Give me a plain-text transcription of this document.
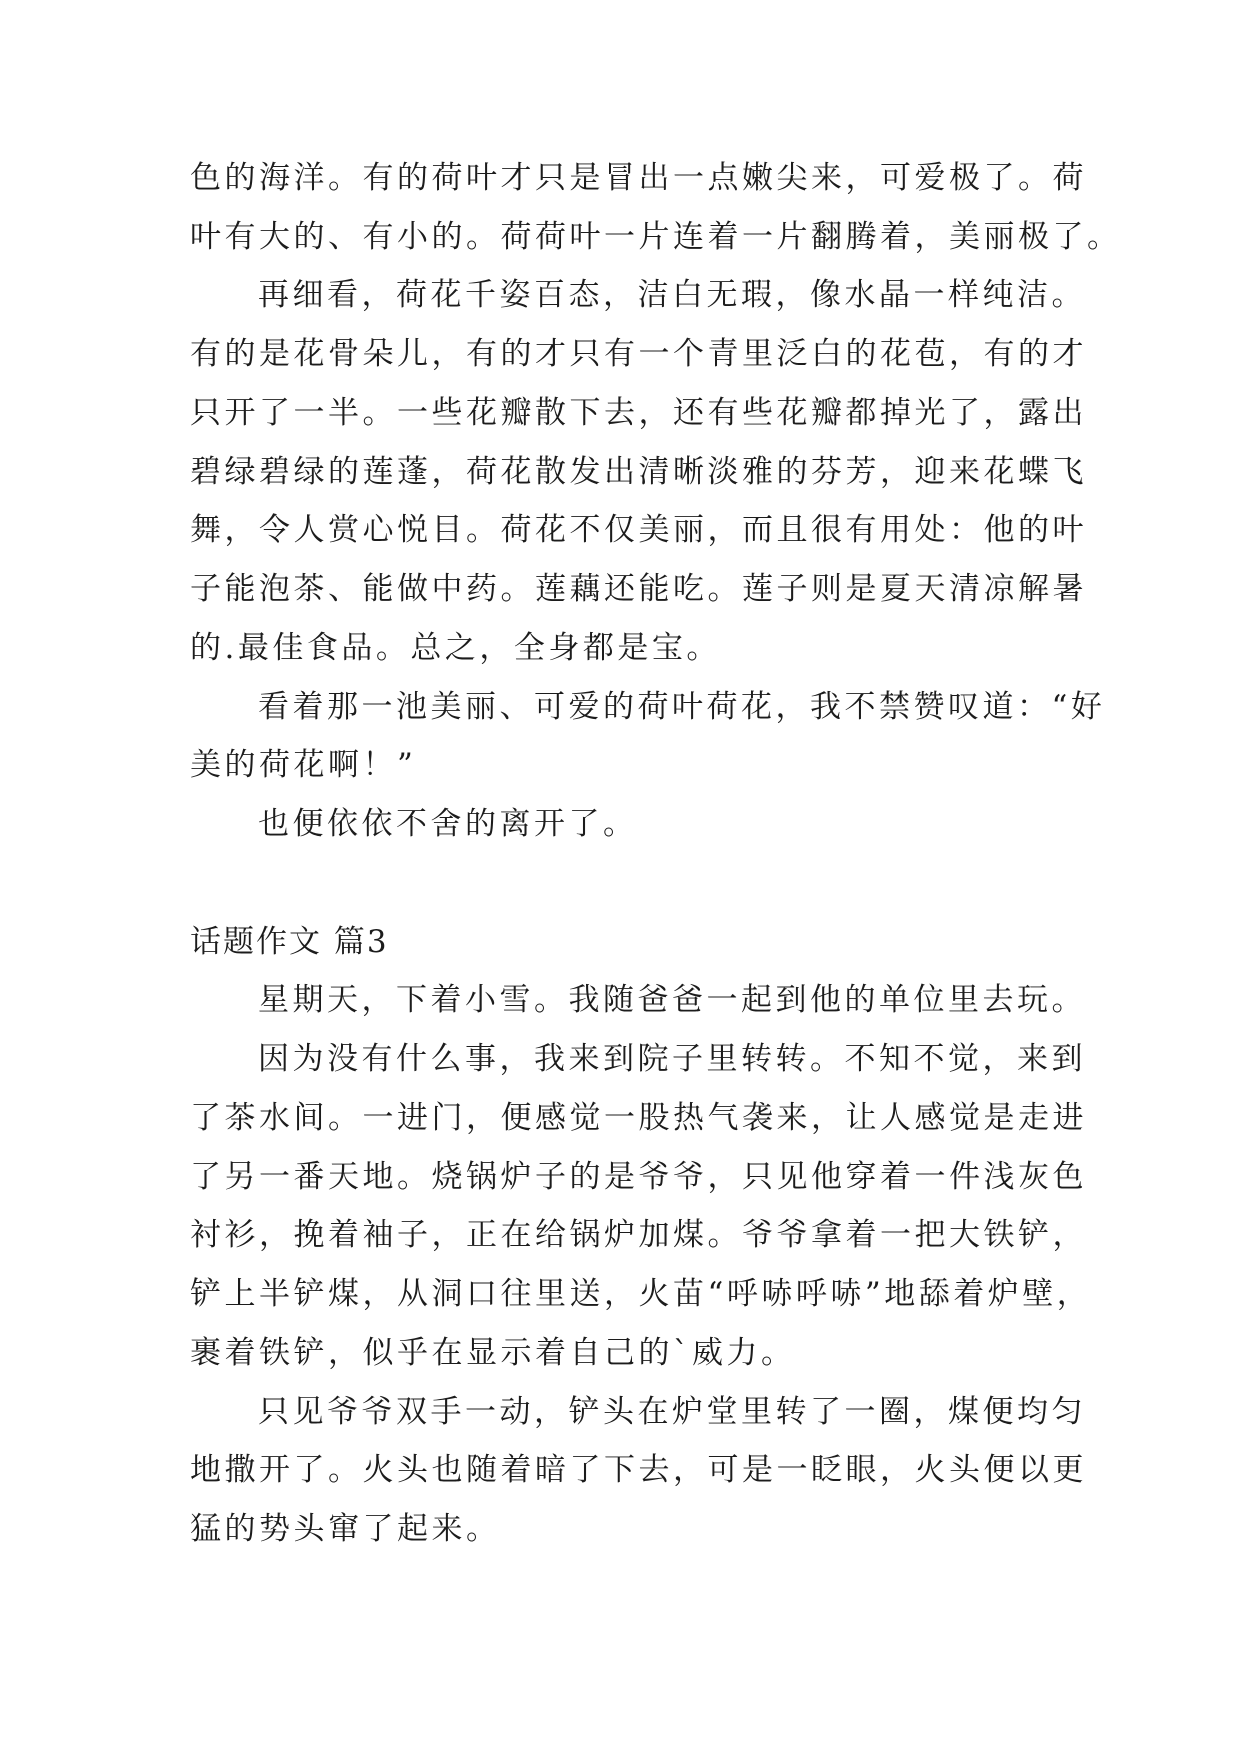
色的海洋。有的荷叶才只是冒出一点嫩尖来，可爱极了。荷
叶有大的、有小的。荷荷叶一片连着一片翻腾着，美丽极了。
再细看，荷花千姿百态，洁白无瑕，像水晶一样纯洁。
有的是花骨朵儿，有的才只有一个青里泛白的花苞，有的才
只开了一半。一些花瓣散下去，还有些花瓣都掉光了，露出
碧绿碧绿的莲蓬，荷花散发出清晰淡雅的芬芳，迎来花蝶飞
舞，令人赏心悦目。荷花不仅美丽，而且很有用处：他的叶
子能泡茶、能做中药。莲藕还能吃。莲子则是夏天清凉解暑
的.最佳食品。总之，全身都是宝。
看着那一池美丽、可爱的荷叶荷花，我不禁赞叹道：“好
美的荷花啊！”
也便依依不舍的离开了。
话题作文 篇3
星期天，下着小雪。我随爸爸一起到他的单位里去玩。
因为没有什么事，我来到院子里转转。不知不觉，来到
了茶水间。一进门，便感觉一股热气袭来，让人感觉是走进
了另一番天地。烧锅炉子的是爷爷，只见他穿着一件浅灰色
衬衫，挽着袖子，正在给锅炉加煤。爷爷拿着一把大铁铲，
铲上半铲煤，从洞口往里送，火苗“呼哧呼哧”地舔着炉壁，
裹着铁铲，似乎在显示着自己的`威力。
只见爷爷双手一动，铲头在炉堂里转了一圈，煤便均匀
地撒开了。火头也随着暗了下去，可是一眨眼，火头便以更
猛的势头窜了起来。
